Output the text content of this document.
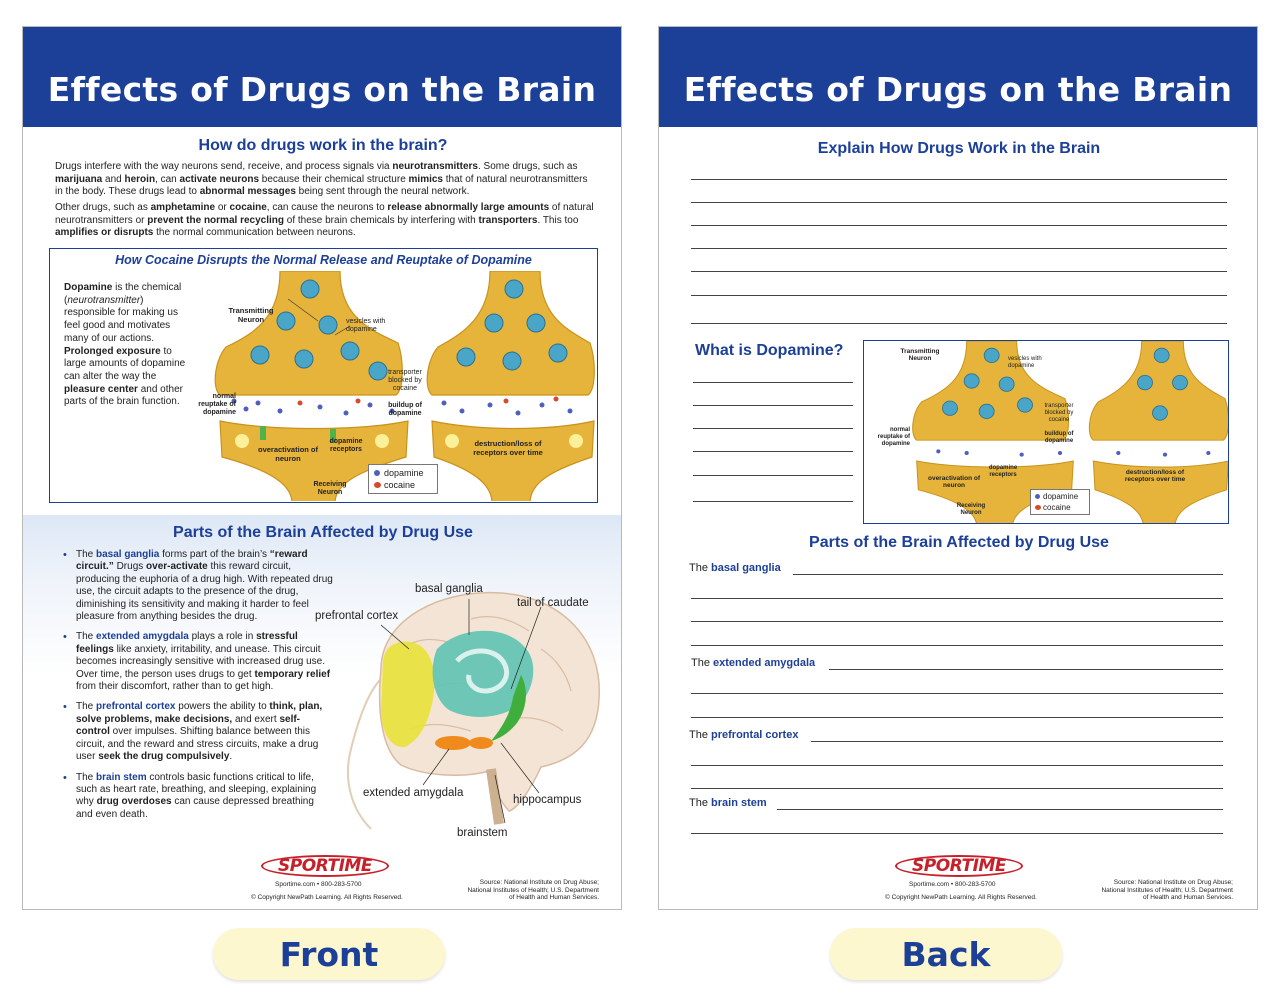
Effects of Drugs on the Brain
How do drugs work in the brain?
Drugs interfere with the way neurons send, receive, and process signals via neurotransmitters. Some drugs, such as marijuana and heroin, can activate neurons because their chemical structure mimics that of natural neurotransmitters in the body. These drugs lead to abnormal messages being sent through the neural network.
Other drugs, such as amphetamine or cocaine, can cause the neurons to release abnormally large amounts of natural neurotransmitters or prevent the normal recycling of these brain chemicals by interfering with transporters. This too amplifies or disrupts the normal communication between neurons.
How Cocaine Disrupts the Normal Release and Reuptake of Dopamine
Dopamine is the chemical (neurotransmitter) responsible for making us feel good and motivates many of our actions. Prolonged exposure to large amounts of dopamine can alter the way the pleasure center and other parts of the brain function.
Transmitting Neuron	vesicles with dopamine
transporter blocked by cocaine
buildup of dopamine
normal reuptake of dopamine
overactivation of neuron
dopamine receptors
Receiving Neuron
destruction/loss of receptors over time
dopamine
cocaine
Parts of the Brain Affected by Drug Use
• The basal ganglia forms part of the brain’s “reward circuit.” Drugs over-activate this reward circuit, producing the euphoria of a drug high. With repeated drug use, the circuit adapts to the presence of the drug, diminishing its sensitivity and making it harder to feel pleasure from anything besides the drug.
• The extended amygdala plays a role in stressful feelings like anxiety, irritability, and unease. This circuit becomes increasingly sensitive with increased drug use. Over time, the person uses drugs to get temporary relief from their discomfort, rather than to get high.
• The prefrontal cortex powers the ability to think, plan, solve problems, make decisions, and exert self-control over impulses. Shifting balance between this circuit, and the reward and stress circuits, make a drug user seek the drug compulsively.
• The brain stem controls basic functions critical to life, such as heart rate, breathing, and sleeping, explaining why drug overdoses can cause depressed breathing and even death.
basal ganglia
tail of caudate
prefrontal cortex
extended amygdala
hippocampus
brainstem
SPORTIME
Sportime.com • 800-283-5700
© Copyright NewPath Learning. All Rights Reserved.
Source: National Institute on Drug Abuse;
National Institutes of Health; U.S. Department
of Health and Human Services.
Effects of Drugs on the Brain
Explain How Drugs Work in the Brain
What is Dopamine?	Transmitting Neuron	vesicles with dopamine
transporter blocked by cocaine
buildup of dopamine
normal reuptake of dopamine
overactivation of neuron
dopamine receptors
Receiving Neuron
destruction/loss of receptors over time
dopamine
cocaine
Parts of the Brain Affected by Drug Use
The basal ganglia
The extended amygdala
The prefrontal cortex
The brain stem
SPORTIME
Sportime.com • 800-283-5700
© Copyright NewPath Learning. All Rights Reserved.
Source: National Institute on Drug Abuse;
National Institutes of Health; U.S. Department
of Health and Human Services.
Front	Back
